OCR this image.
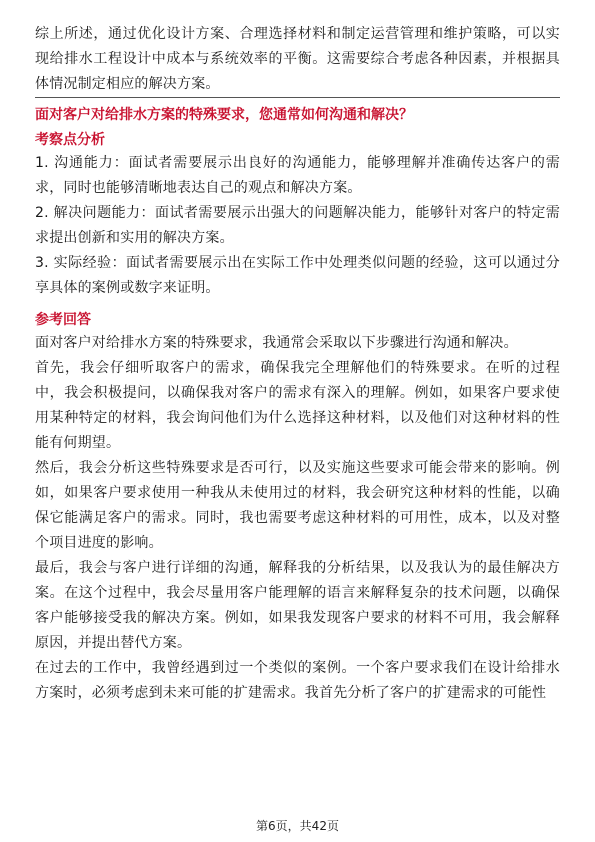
综上所述，通过优化设计方案、合理选择材料和制定运营管理和维护策略，可以实现给排水工程设计中成本与系统效率的平衡。这需要综合考虑各种因素，并根据具体情况制定相应的解决方案。

面对客户对给排水方案的特殊要求，您通常如何沟通和解决？
考察点分析

1. 沟通能力：面试者需要展示出良好的沟通能力，能够理解并准确传达客户的需求，同时也能够清晰地表达自己的观点和解决方案。

2. 解决问题能力：面试者需要展示出强大的问题解决能力，能够针对客户的特定需求提出创新和实用的解决方案。

3. 实际经验：面试者需要展示出在实际工作中处理类似问题的经验，这可以通过分享具体的案例或数字来证明。

参考回答

面对客户对给排水方案的特殊要求，我通常会采取以下步骤进行沟通和解决。

首先，我会仔细听取客户的需求，确保我完全理解他们的特殊要求。在听的过程中，我会积极提问，以确保我对客户的需求有深入的理解。例如，如果客户要求使用某种特定的材料，我会询问他们为什么选择这种材料，以及他们对这种材料的性能有何期望。

然后，我会分析这些特殊要求是否可行，以及实施这些要求可能会带来的影响。例如，如果客户要求使用一种我从未使用过的材料，我会研究这种材料的性能，以确保它能满足客户的需求。同时，我也需要考虑这种材料的可用性，成本，以及对整个项目进度的影响。

最后，我会与客户进行详细的沟通，解释我的分析结果，以及我认为的最佳解决方案。在这个过程中，我会尽量用客户能理解的语言来解释复杂的技术问题，以确保客户能够接受我的解决方案。例如，如果我发现客户要求的材料不可用，我会解释原因，并提出替代方案。

在过去的工作中，我曾经遇到过一个类似的案例。一个客户要求我们在设计给排水方案时，必须考虑到未来可能的扩建需求。我首先分析了客户的扩建需求的可能性

第6页，共42页
